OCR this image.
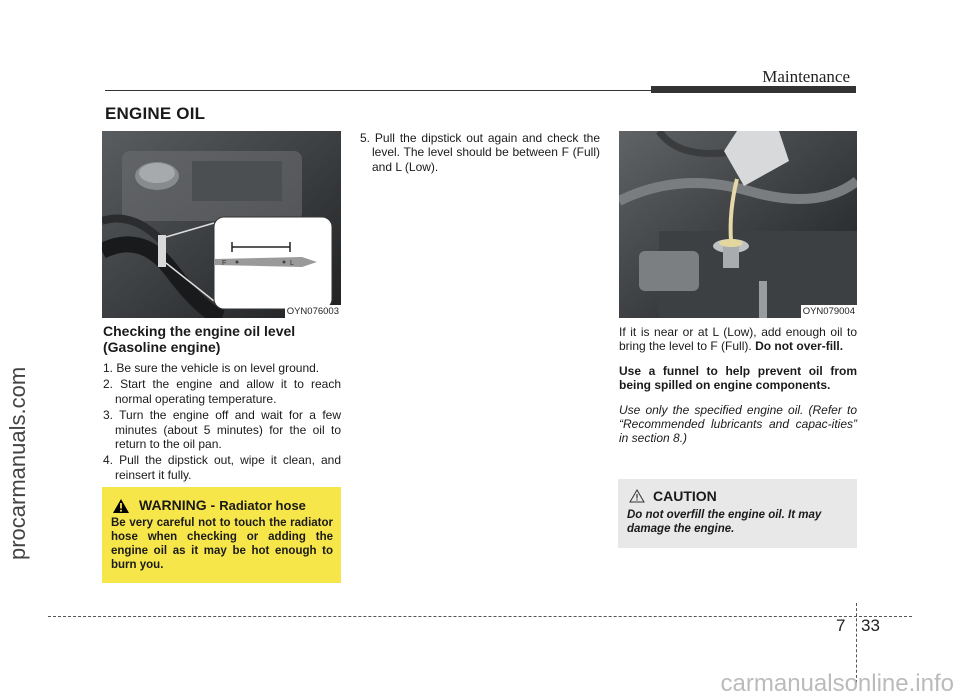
Maintenance
ENGINE OIL
F	L
OYN076003
Checking the engine oil level (Gasoline engine)
1. Be sure the vehicle is on level ground.
2. Start the engine and allow it to reach normal operating temperature.
3. Turn the engine off and wait for a few minutes (about 5 minutes) for the oil to return to the oil pan.
4. Pull the dipstick out, wipe it clean, and reinsert it fully.
WARNING - Radiator hose
Be very careful not to touch the radiator hose when checking or adding the engine oil as it may be hot enough to burn you.
5. Pull the dipstick out again and check the level. The level should be between F (Full) and L (Low).
OYN079004

If it is near or at L (Low), add enough oil to bring the level to F (Full). Do not over-fill.

Use a funnel to help prevent oil from being spilled on engine components.

Use only the specified engine oil. (Refer to “Recommended lubricants and capac-ities” in section 8.)

CAUTION
Do not overfill the engine oil. It may damage the engine.
7 33
procarmanuals.com
carmanualsonline.info
